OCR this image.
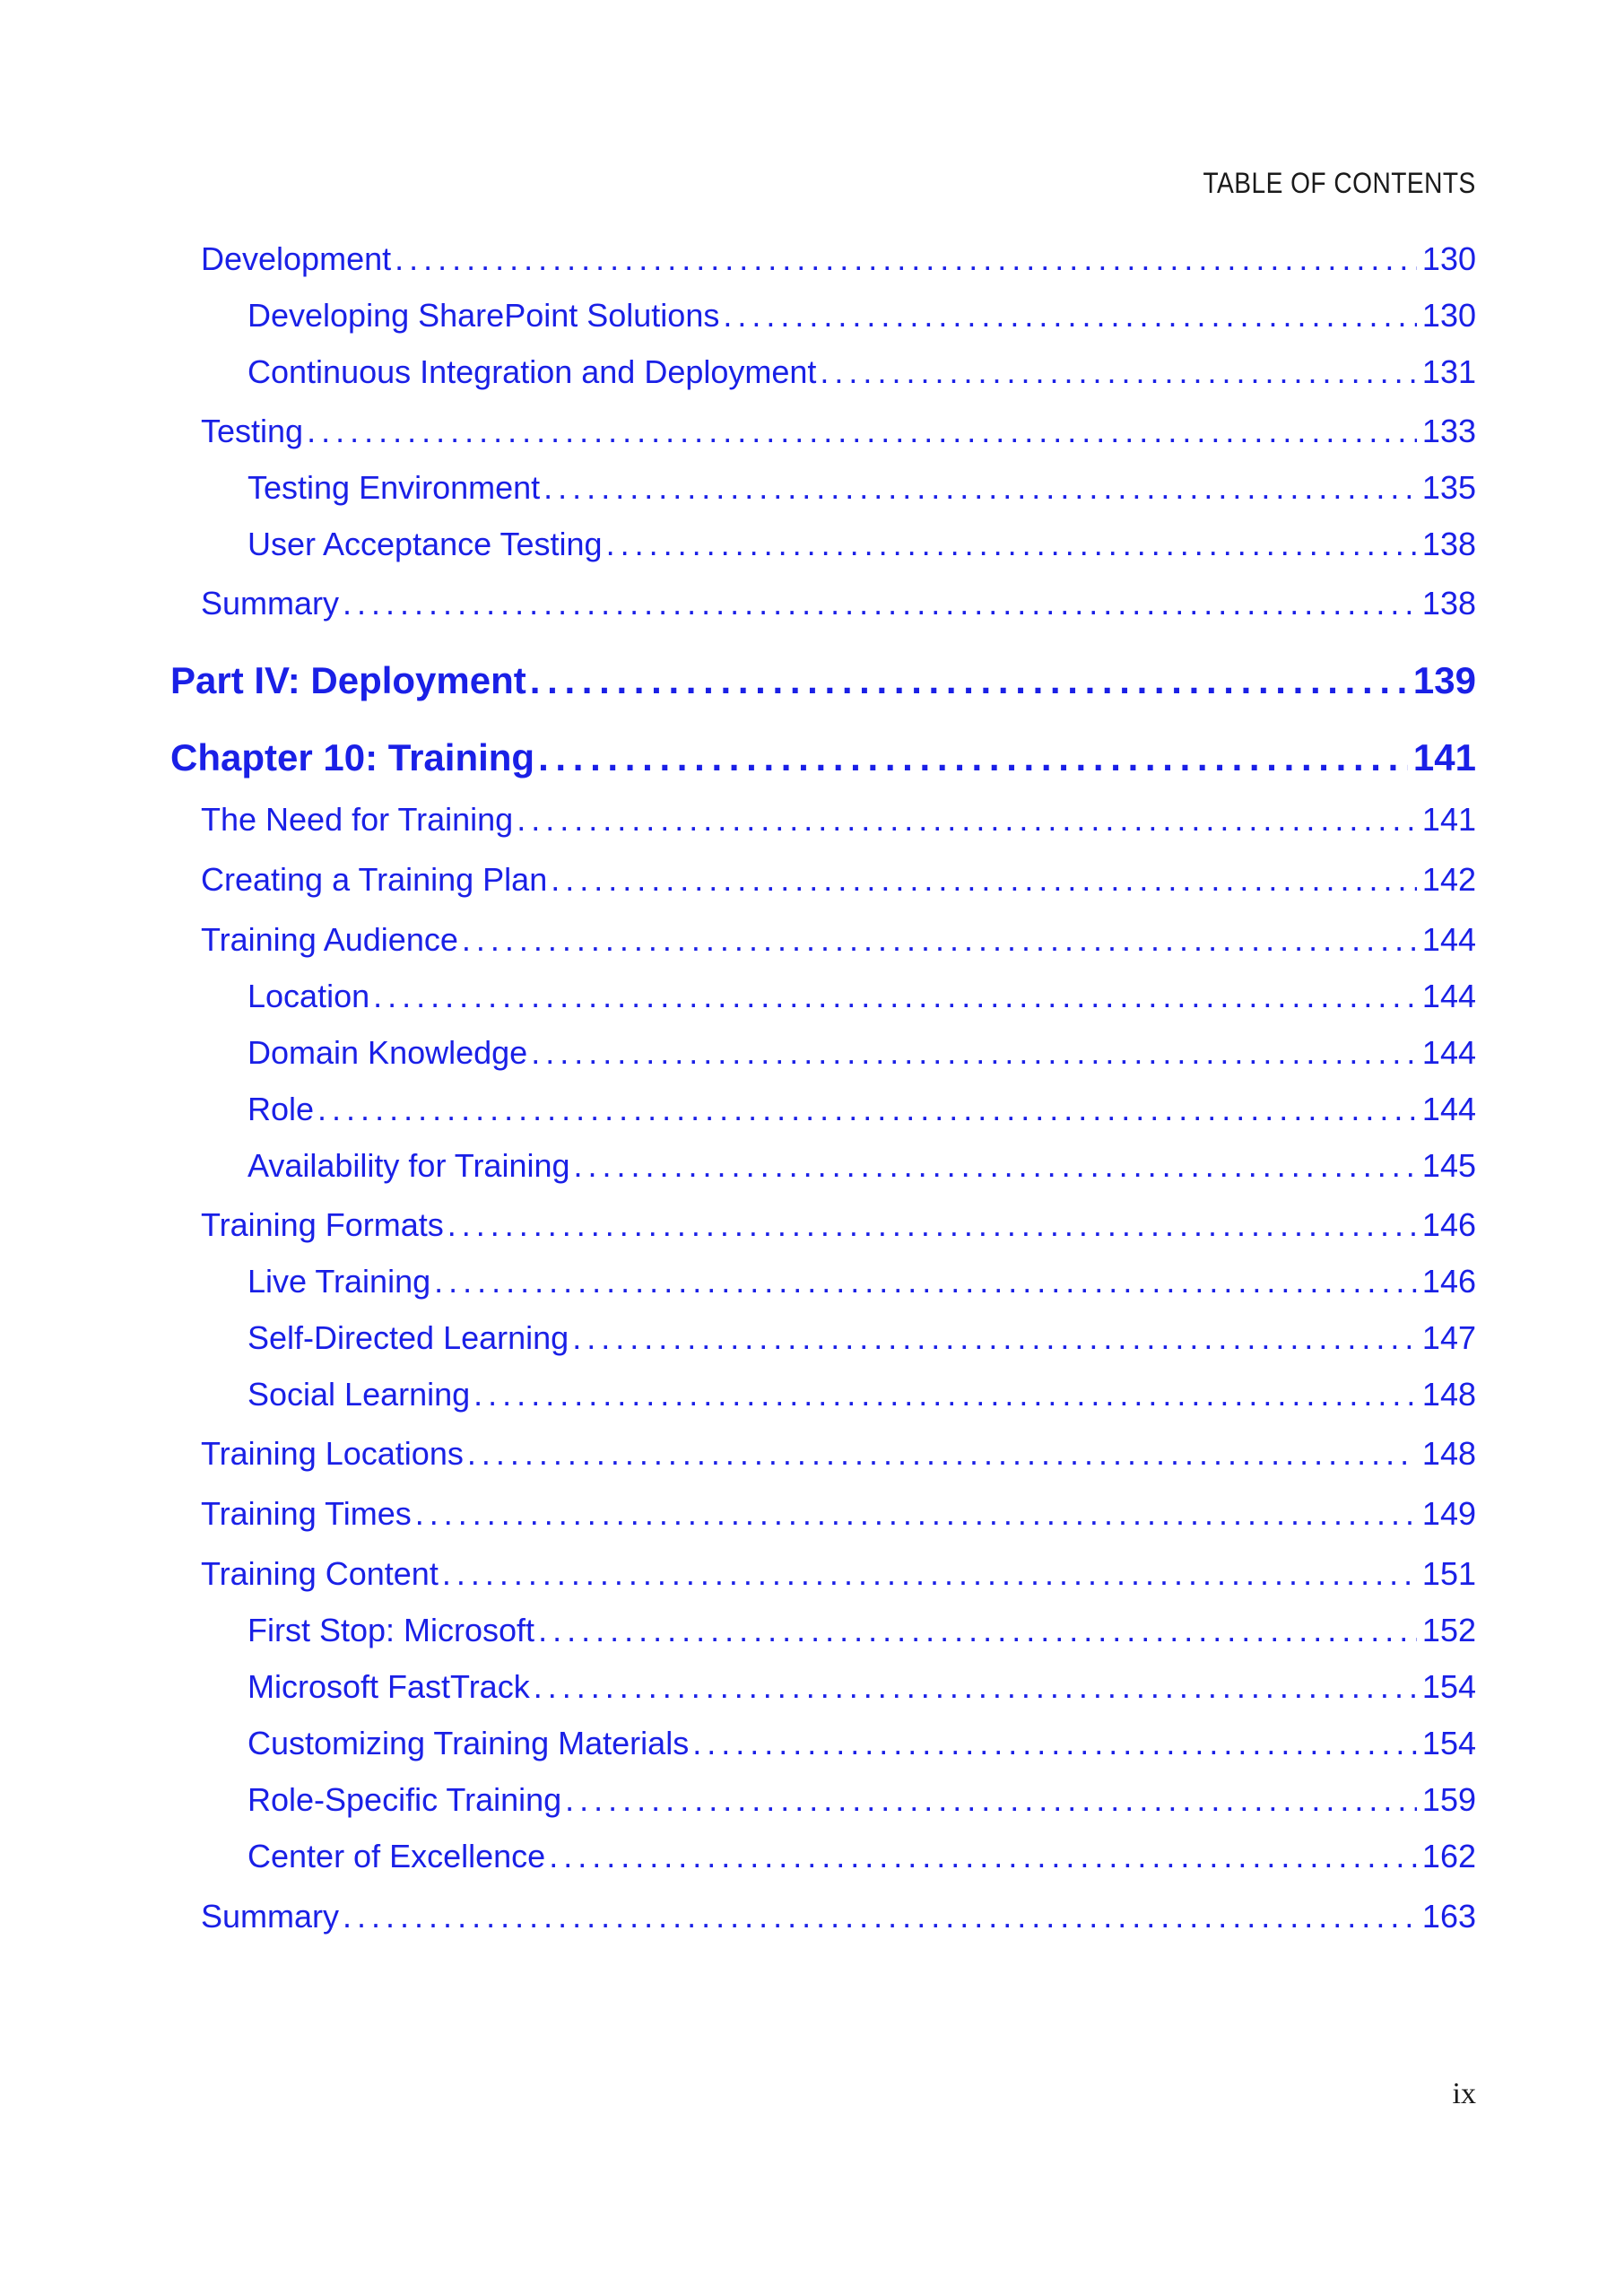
TABLE OF CONTENTS
Development . . .	130
Developing SharePoint Solutions . . .	130
Continuous Integration and Deployment . . .	131
Testing . . .	133
Testing Environment . . .	135
User Acceptance Testing . . .	138
Summary . . .	138
Part IV: Deployment . . .	139
Chapter 10: Training . . .	141
The Need for Training . . .	141
Creating a Training Plan . . .	142
Training Audience . . .	144
Location . . .	144
Domain Knowledge . . .	144
Role . . .	144
Availability for Training . . .	145
Training Formats . . .	146
Live Training . . .	146
Self-Directed Learning . . .	147
Social Learning . . .	148
Training Locations . . .	148
Training Times . . .	149
Training Content . . .	151
First Stop: Microsoft . . .	152
Microsoft FastTrack . . .	154
Customizing Training Materials . . .	154
Role-Specific Training . . .	159
Center of Excellence . . .	162
Summary . . .	163
ix
